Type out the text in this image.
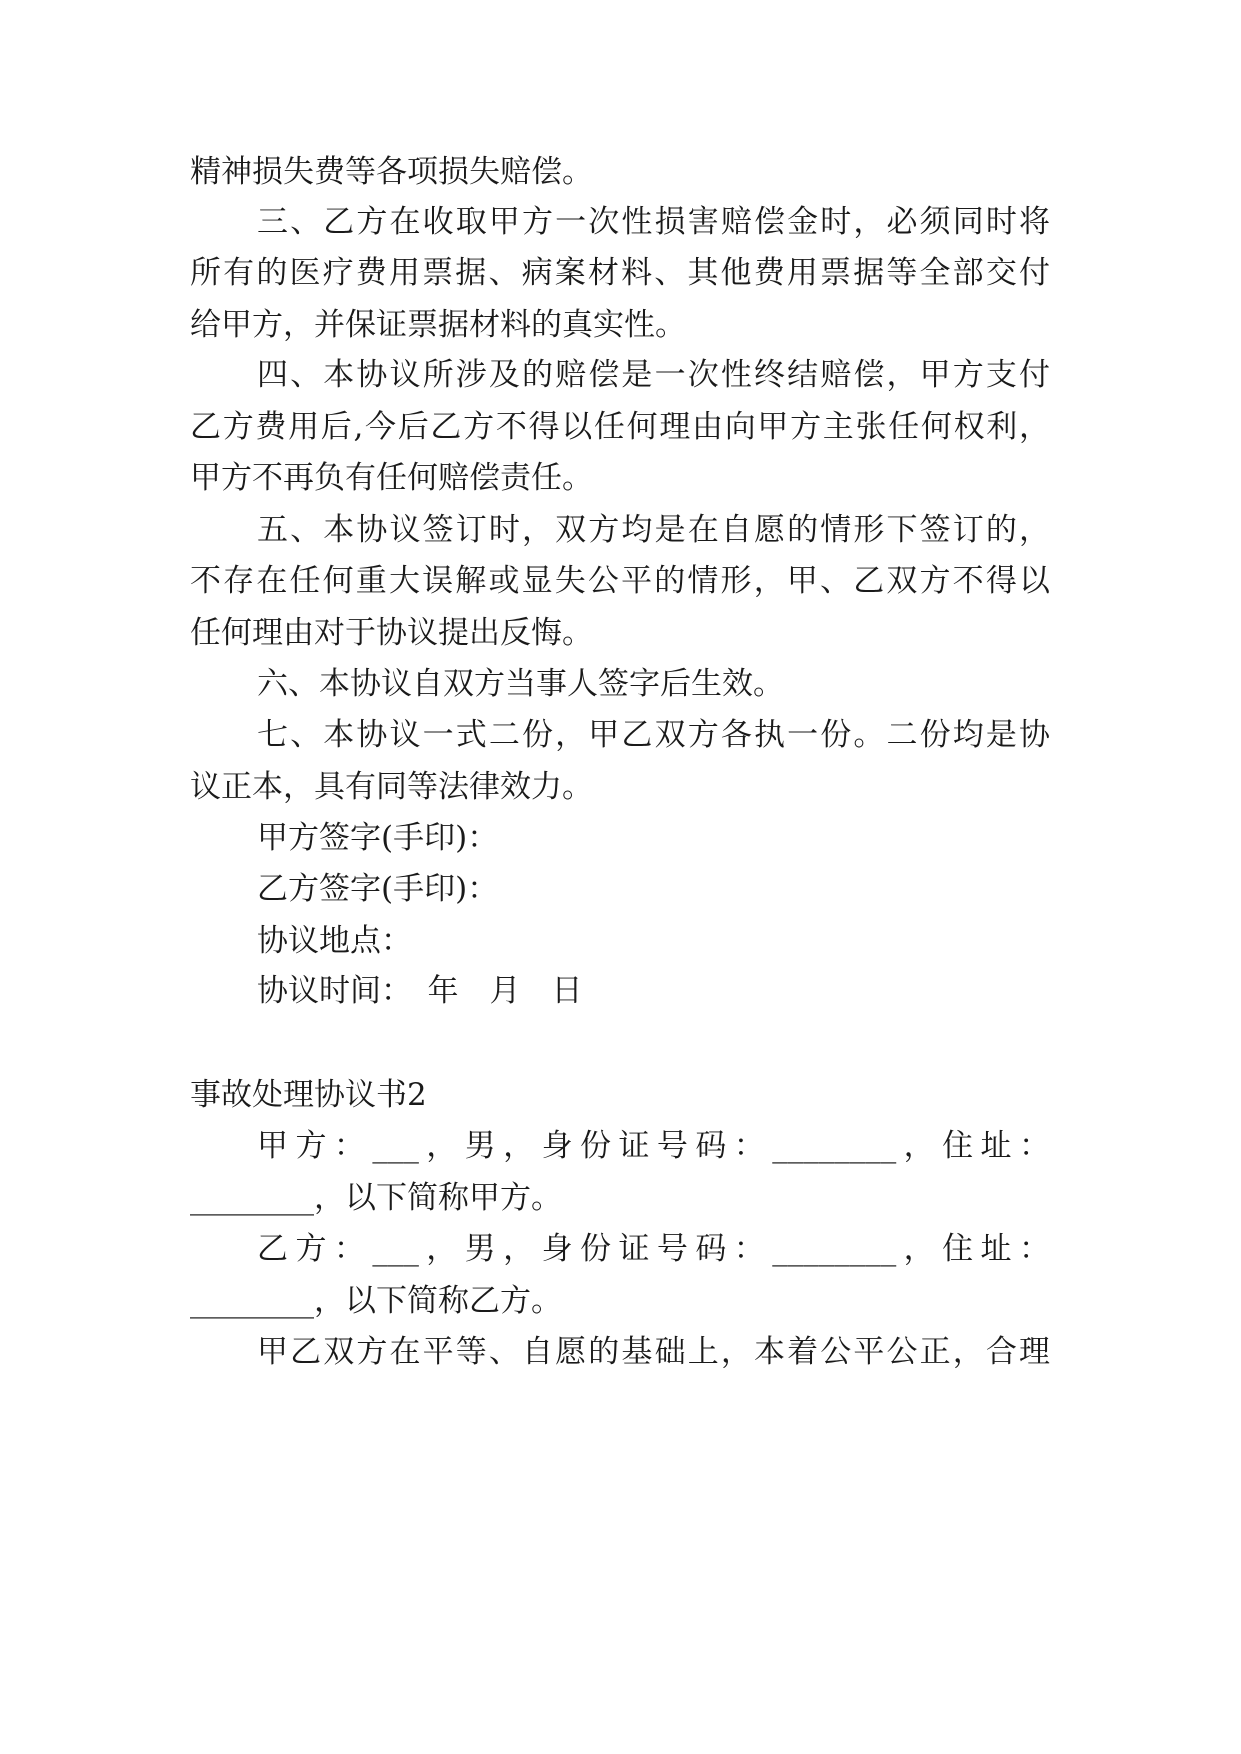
精神损失费等各项损失赔偿。
三、乙方在收取甲方一次性损害赔偿金时，必须同时将
所有的医疗费用票据、病案材料、其他费用票据等全部交付
给甲方，并保证票据材料的真实性。
四、本协议所涉及的赔偿是一次性终结赔偿，甲方支付
乙方费用后,今后乙方不得以任何理由向甲方主张任何权利，
甲方不再负有任何赔偿责任。
五、本协议签订时，双方均是在自愿的情形下签订的，
不存在任何重大误解或显失公平的情形，甲、乙双方不得以
任何理由对于协议提出反悔。
六、本协议自双方当事人签字后生效。
七、本协议一式二份，甲乙双方各执一份。二份均是协
议正本，具有同等法律效力。
甲方签字(手印)：
乙方签字(手印)：
协议地点：
协议时间：　年　月　日
事故处理协议书2
甲方：___，男，身份证号码：________，住址：
________，以下简称甲方。
乙方：___，男，身份证号码：________，住址：
________，以下简称乙方。
甲乙双方在平等、自愿的基础上，本着公平公正，合理
